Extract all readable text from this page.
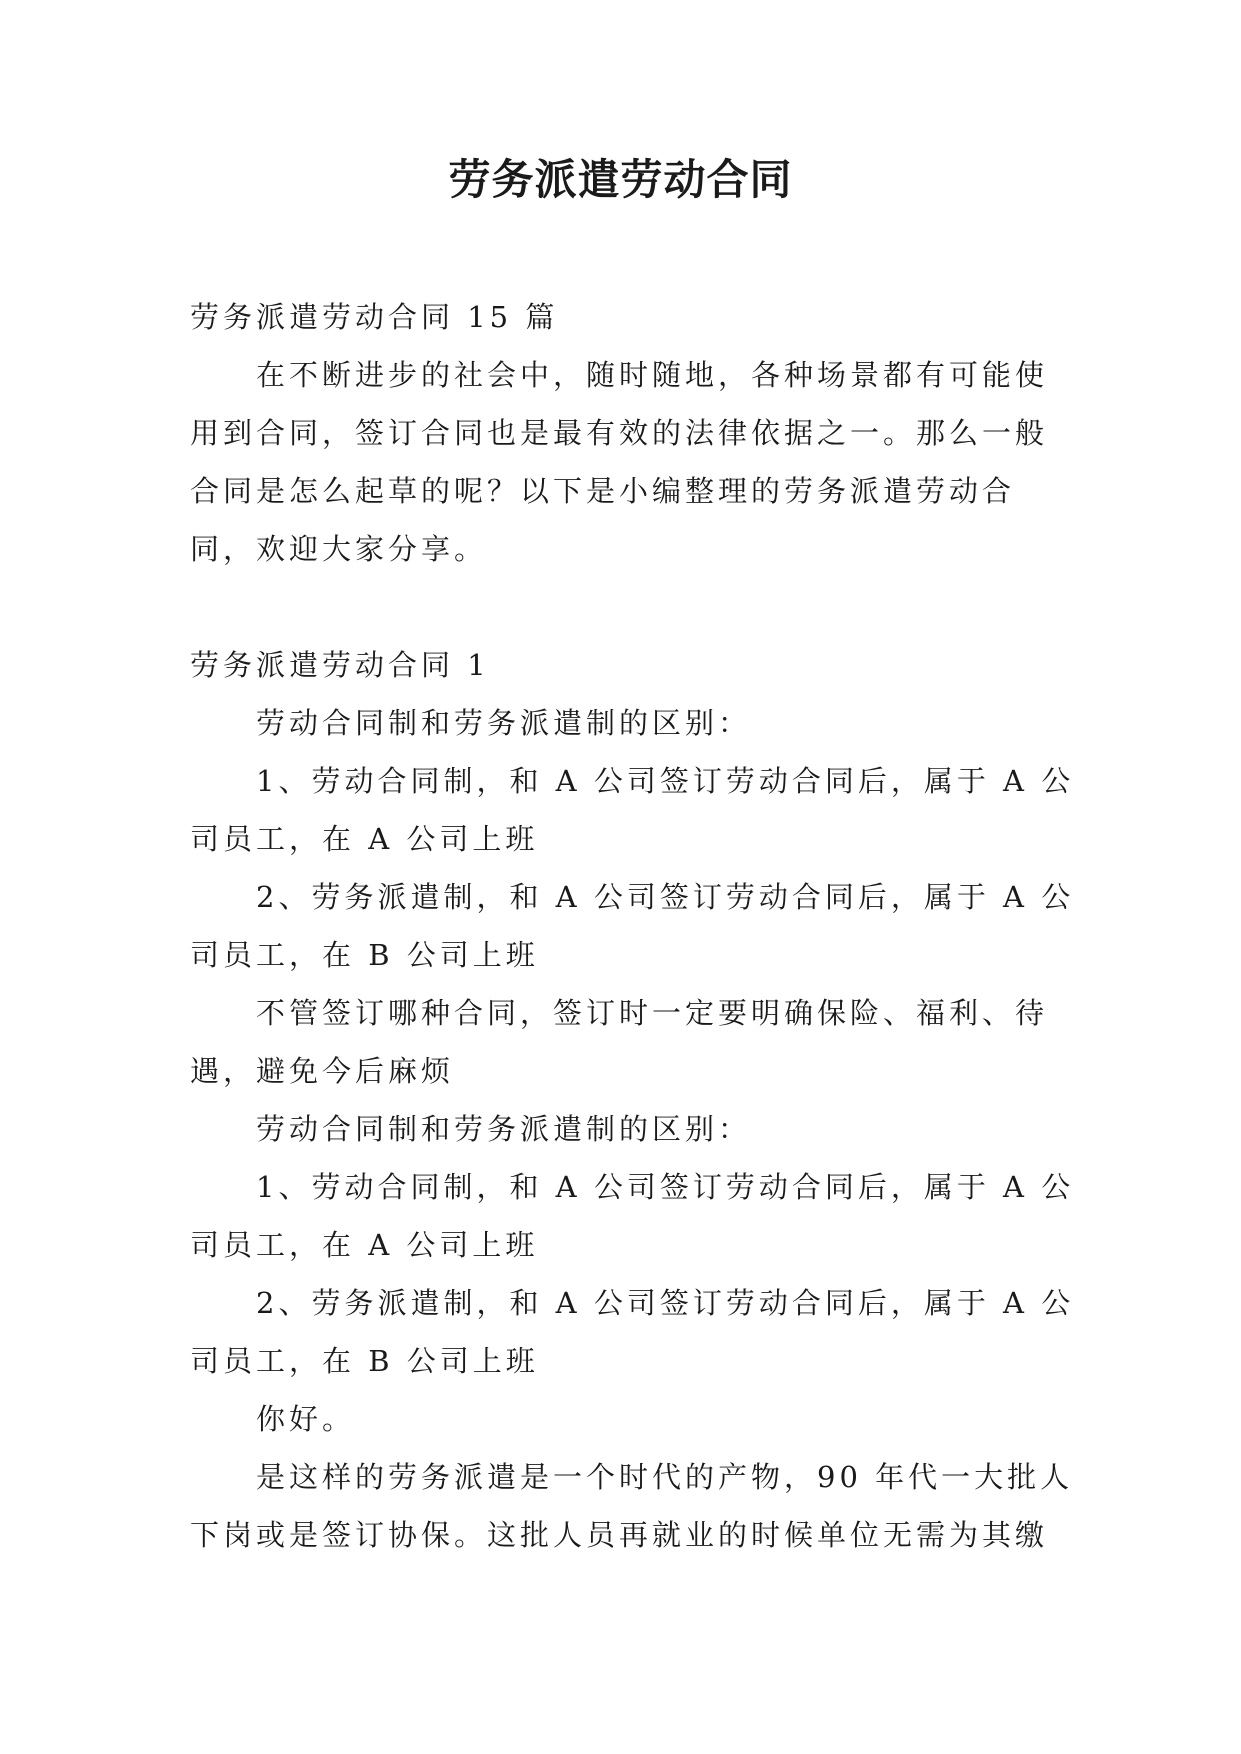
劳务派遣劳动合同

劳务派遣劳动合同 15 篇

在不断进步的社会中，随时随地，各种场景都有可能使

用到合同，签订合同也是最有效的法律依据之一。那么一般

合同是怎么起草的呢？以下是小编整理的劳务派遣劳动合

同，欢迎大家分享。

劳务派遣劳动合同 1

劳动合同制和劳务派遣制的区别：

1、劳动合同制，和 A 公司签订劳动合同后，属于 A 公

司员工，在 A 公司上班

2、劳务派遣制，和 A 公司签订劳动合同后，属于 A 公

司员工，在 B 公司上班

不管签订哪种合同，签订时一定要明确保险、福利、待

遇，避免今后麻烦

劳动合同制和劳务派遣制的区别：

1、劳动合同制，和 A 公司签订劳动合同后，属于 A 公

司员工，在 A 公司上班

2、劳务派遣制，和 A 公司签订劳动合同后，属于 A 公

司员工，在 B 公司上班

你好。

是这样的劳务派遣是一个时代的产物，90 年代一大批人

下岗或是签订协保。这批人员再就业的时候单位无需为其缴
